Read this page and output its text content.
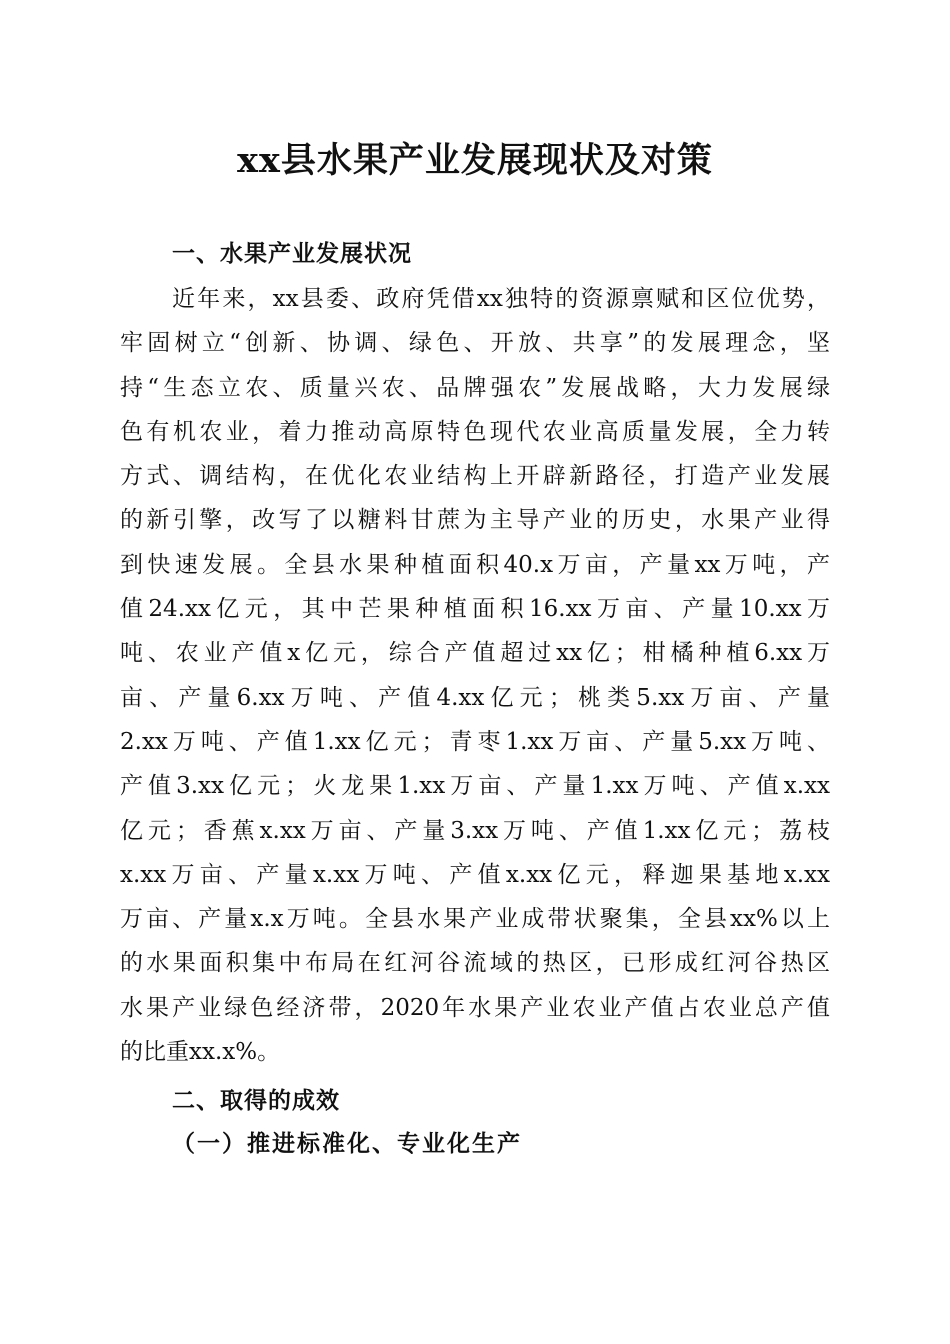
xx县水果产业发展现状及对策
一、水果产业发展状况
近年来，xx县委、政府凭借xx独特的资源禀赋和区位优势，
牢固树立“创新、协调、绿色、开放、共享”的发展理念，坚
持“生态立农、质量兴农、品牌强农”发展战略，大力发展绿
色有机农业，着力推动高原特色现代农业高质量发展，全力转
方式、调结构，在优化农业结构上开辟新路径，打造产业发展
的新引擎，改写了以糖料甘蔗为主导产业的历史，水果产业得
到快速发展。全县水果种植面积40.x万亩，产量xx万吨，产
值24.xx亿元，其中芒果种植面积16.xx万亩、产量10.xx万
吨、农业产值x亿元，综合产值超过xx亿；柑橘种植6.xx万
亩、产量6.xx万吨、产值4.xx亿元；桃类5.xx万亩、产量
2.xx万吨、产值1.xx亿元；青枣1.xx万亩、产量5.xx万吨、
产值3.xx亿元；火龙果1.xx万亩、产量1.xx万吨、产值x.xx
亿元；香蕉x.xx万亩、产量3.xx万吨、产值1.xx亿元；荔枝
x.xx万亩、产量x.xx万吨、产值x.xx亿元，释迦果基地x.xx
万亩、产量x.x万吨。全县水果产业成带状聚集，全县xx%以上
的水果面积集中布局在红河谷流域的热区，已形成红河谷热区
水果产业绿色经济带，2020年水果产业农业产值占农业总产值
的比重xx.x%。
二、取得的成效
（一）推进标准化、专业化生产
